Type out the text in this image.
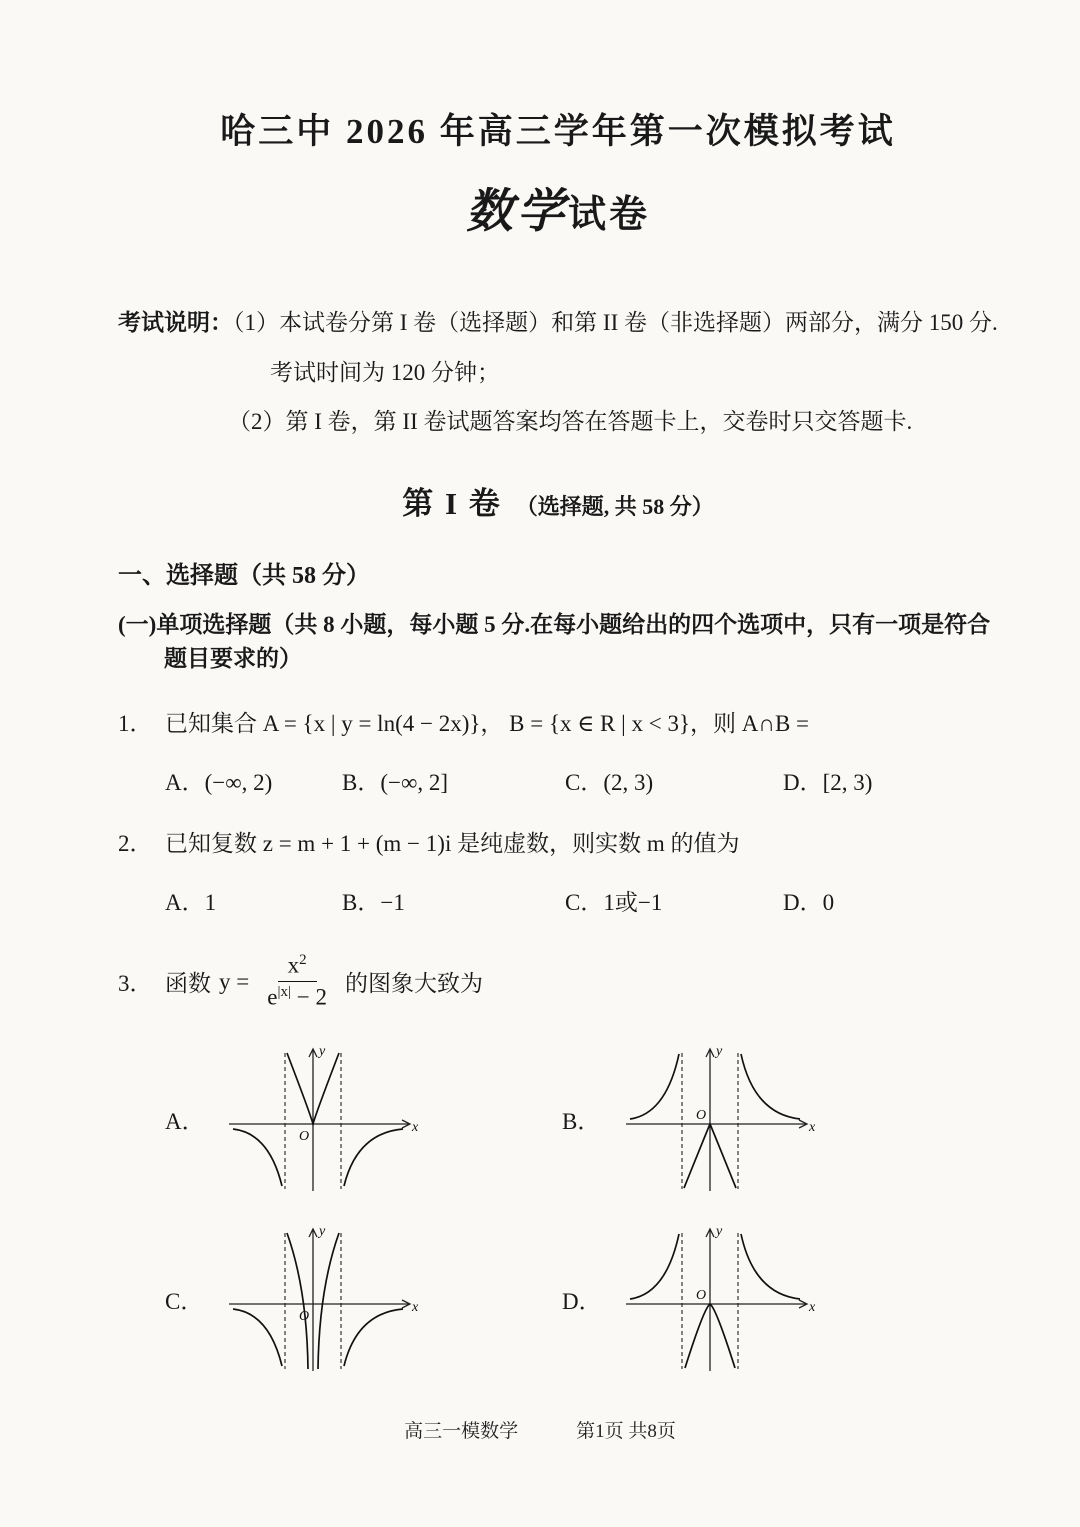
哈三中 2026 年高三学年第一次模拟考试
数学试卷
考试说明：（1）本试卷分第 I 卷（选择题）和第 II 卷（非选择题）两部分，满分 150 分.
考试时间为 120 分钟；
（2）第 I 卷，第 II 卷试题答案均答在答题卡上，交卷时只交答题卡.
第 I 卷 （选择题, 共 58 分）
一、选择题（共 58 分）
(一)单项选择题（共 8 小题，每小题 5 分.在每小题给出的四个选项中，只有一项是符合
题目要求的）
1． 已知集合 A = {x | y = ln(4 − 2x)}， B = {x ∈ R | x < 3}，则 A∩B =
A．(−∞, 2)	B．(−∞, 2]	C．(2, 3)	D．[2, 3)
2． 已知复数 z = m + 1 + (m − 1)i 是纯虚数，则实数 m 的值为
A．1	B．−1	C．1或−1	D．0
3． 函数 $y = \frac{x^2}{e^{|x|} - 2}$ 的图象大致为
A．	x
y
O
B．	x
y
O
C．	x
y
O
D．	x
y
O
高三一模数学	第1页 共8页
